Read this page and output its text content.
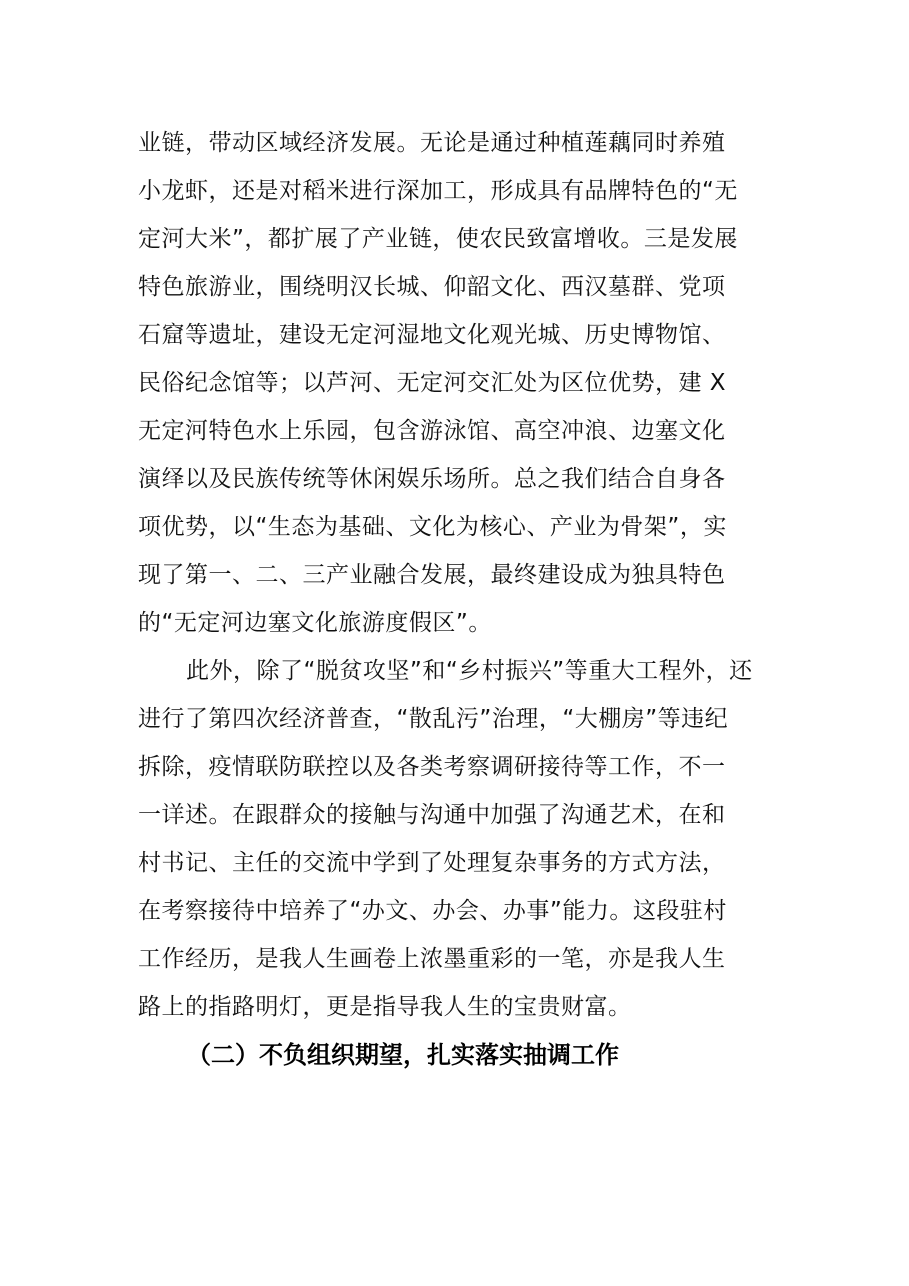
业链，带动区域经济发展。无论是通过种植莲藕同时养殖

小龙虾，还是对稻米进行深加工，形成具有品牌特色的“无

定河大米”，都扩展了产业链，使农民致富增收。三是发展

特色旅游业，围绕明汉长城、仰韶文化、西汉墓群、党项

石窟等遗址，建设无定河湿地文化观光城、历史博物馆、

民俗纪念馆等；以芦河、无定河交汇处为区位优势，建 X

无定河特色水上乐园，包含游泳馆、高空冲浪、边塞文化

演绎以及民族传统等休闲娱乐场所。总之我们结合自身各

项优势，以“生态为基础、文化为核心、产业为骨架”，实

现了第一、二、三产业融合发展，最终建设成为独具特色

的“无定河边塞文化旅游度假区”。

此外，除了“脱贫攻坚”和“乡村振兴”等重大工程外，还

进行了第四次经济普查，“散乱污”治理，“大棚房”等违纪

拆除，疫情联防联控以及各类考察调研接待等工作，不一

一详述。在跟群众的接触与沟通中加强了沟通艺术，在和

村书记、主任的交流中学到了处理复杂事务的方式方法，

在考察接待中培养了“办文、办会、办事”能力。这段驻村

工作经历，是我人生画卷上浓墨重彩的一笔，亦是我人生

路上的指路明灯，更是指导我人生的宝贵财富。

（二）不负组织期望，扎实落实抽调工作
